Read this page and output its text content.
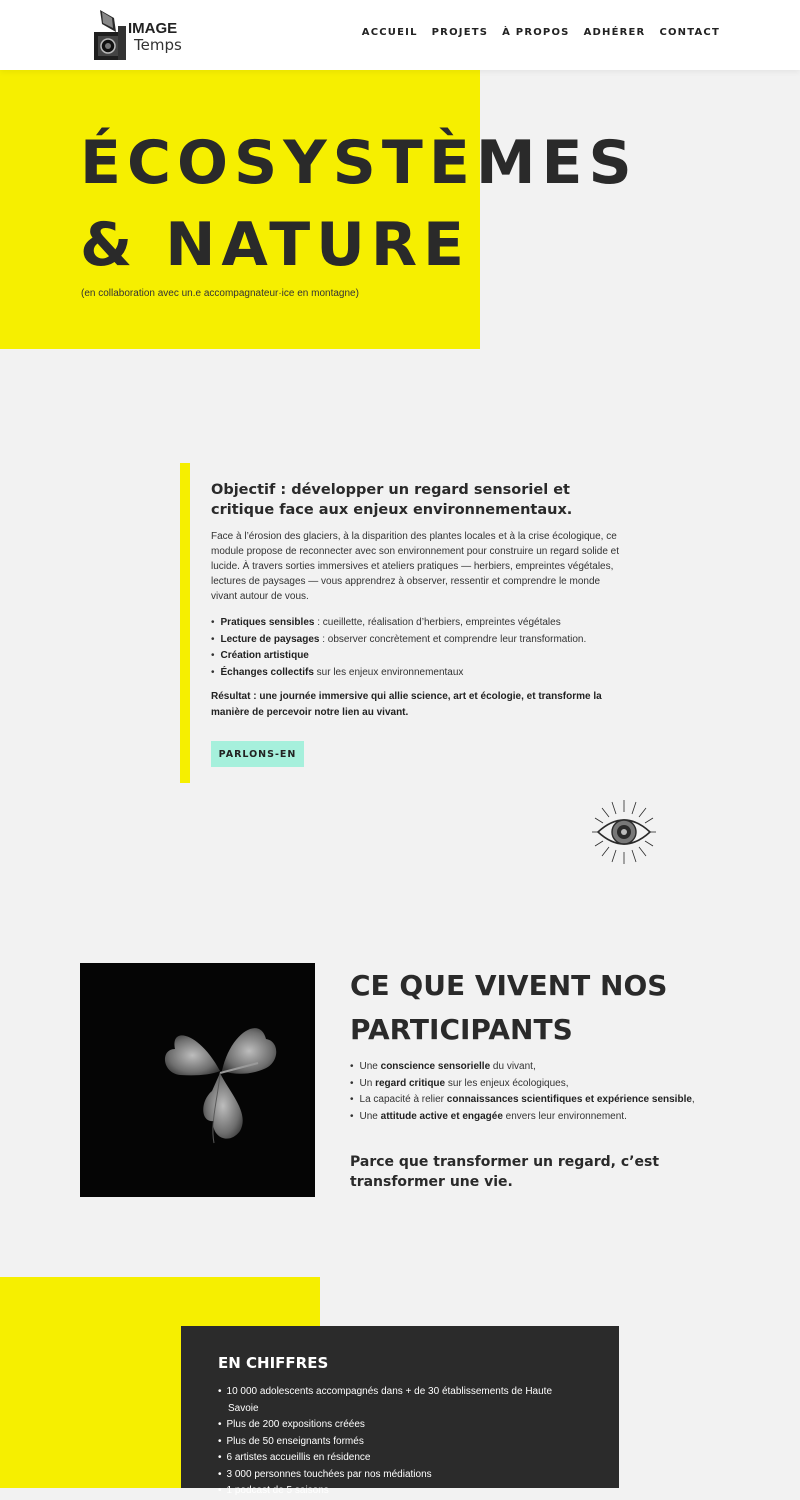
IMAGE
Temps
ACCUEIL PROJETS À PROPOS ADHÉRER CONTACT
ÉCOSYSTÈMES & NATURE

(en collaboration avec un.e accompagnateur·ice en montagne)

Objectif : développer un regard sensoriel et critique face aux enjeux environnementaux.

Face à l’érosion des glaciers, à la disparition des plantes locales et à la crise écologique, ce module propose de reconnecter avec son environnement pour construire un regard solide et lucide. À travers sorties immersives et ateliers pratiques — herbiers, empreintes végétales, lectures de paysages — vous apprendrez à observer, ressentir et comprendre le monde vivant autour de vous.

• Pratiques sensibles : cueillette, réalisation d’herbiers, empreintes végétales
• Lecture de paysages : observer concrètement et comprendre leur transformation.
• Création artistique
• Échanges collectifs sur les enjeux environnementaux

Résultat : une journée immersive qui allie science, art et écologie, et transforme la manière de percevoir notre lien au vivant.

PARLONS-EN
CE QUE VIVENT NOS PARTICIPANTS
• Une conscience sensorielle du vivant,
• Un regard critique sur les enjeux écologiques,
• La capacité à relier connaissances scientifiques et expérience sensible,
• Une attitude active et engagée envers leur environnement.

Parce que transformer un regard, c’est transformer une vie.

EN CHIFFRES
• 10 000 adolescents accompagnés dans + de 30 établissements de Haute Savoie
• Plus de 200 expositions créées
• Plus de 50 enseignants formés
• 6 artistes accueillis en résidence
• 3 000 personnes touchées par nos médiations
• 1 podcast de 5 saisons
